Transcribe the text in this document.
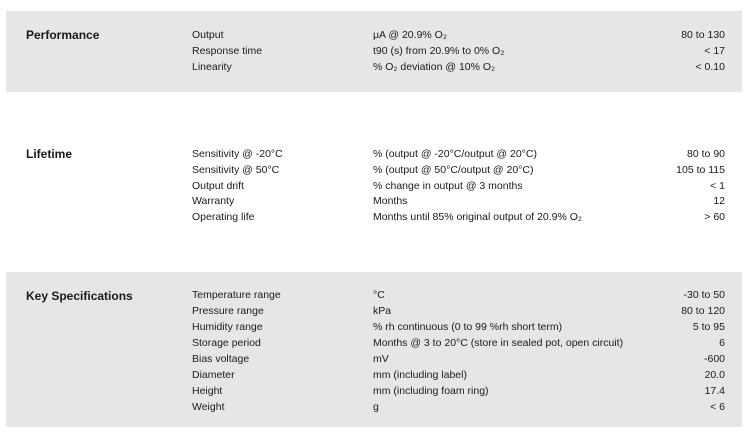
Performance	Output	μA @ 20.9% O₂	80 to 130
Response time	t90 (s) from 20.9% to 0% O₂	< 17
Linearity	% O₂ deviation @ 10% O₂	< 0.10
Lifetime	Sensitivity @ -20°C	% (output @ -20°C/output @ 20°C)	80 to 90
Sensitivity @ 50°C	% (output @ 50°C/output @ 20°C)	105 to 115
Output drift	% change in output @ 3 months	< 1
Warranty	Months	12
Operating life	Months until 85% original output of 20.9% O₂	> 60
Key Specifications	Temperature range	°C	-30 to 50
Pressure range	kPa	80 to 120
Humidity range	% rh continuous (0 to 99 %rh short term)	5 to 95
Storage period	Months @ 3 to 20°C (store in sealed pot, open circuit)	6
Bias voltage	mV	-600
Diameter	mm (including label)	20.0
Height	mm (including foam ring)	17.4
Weight	g	< 6
